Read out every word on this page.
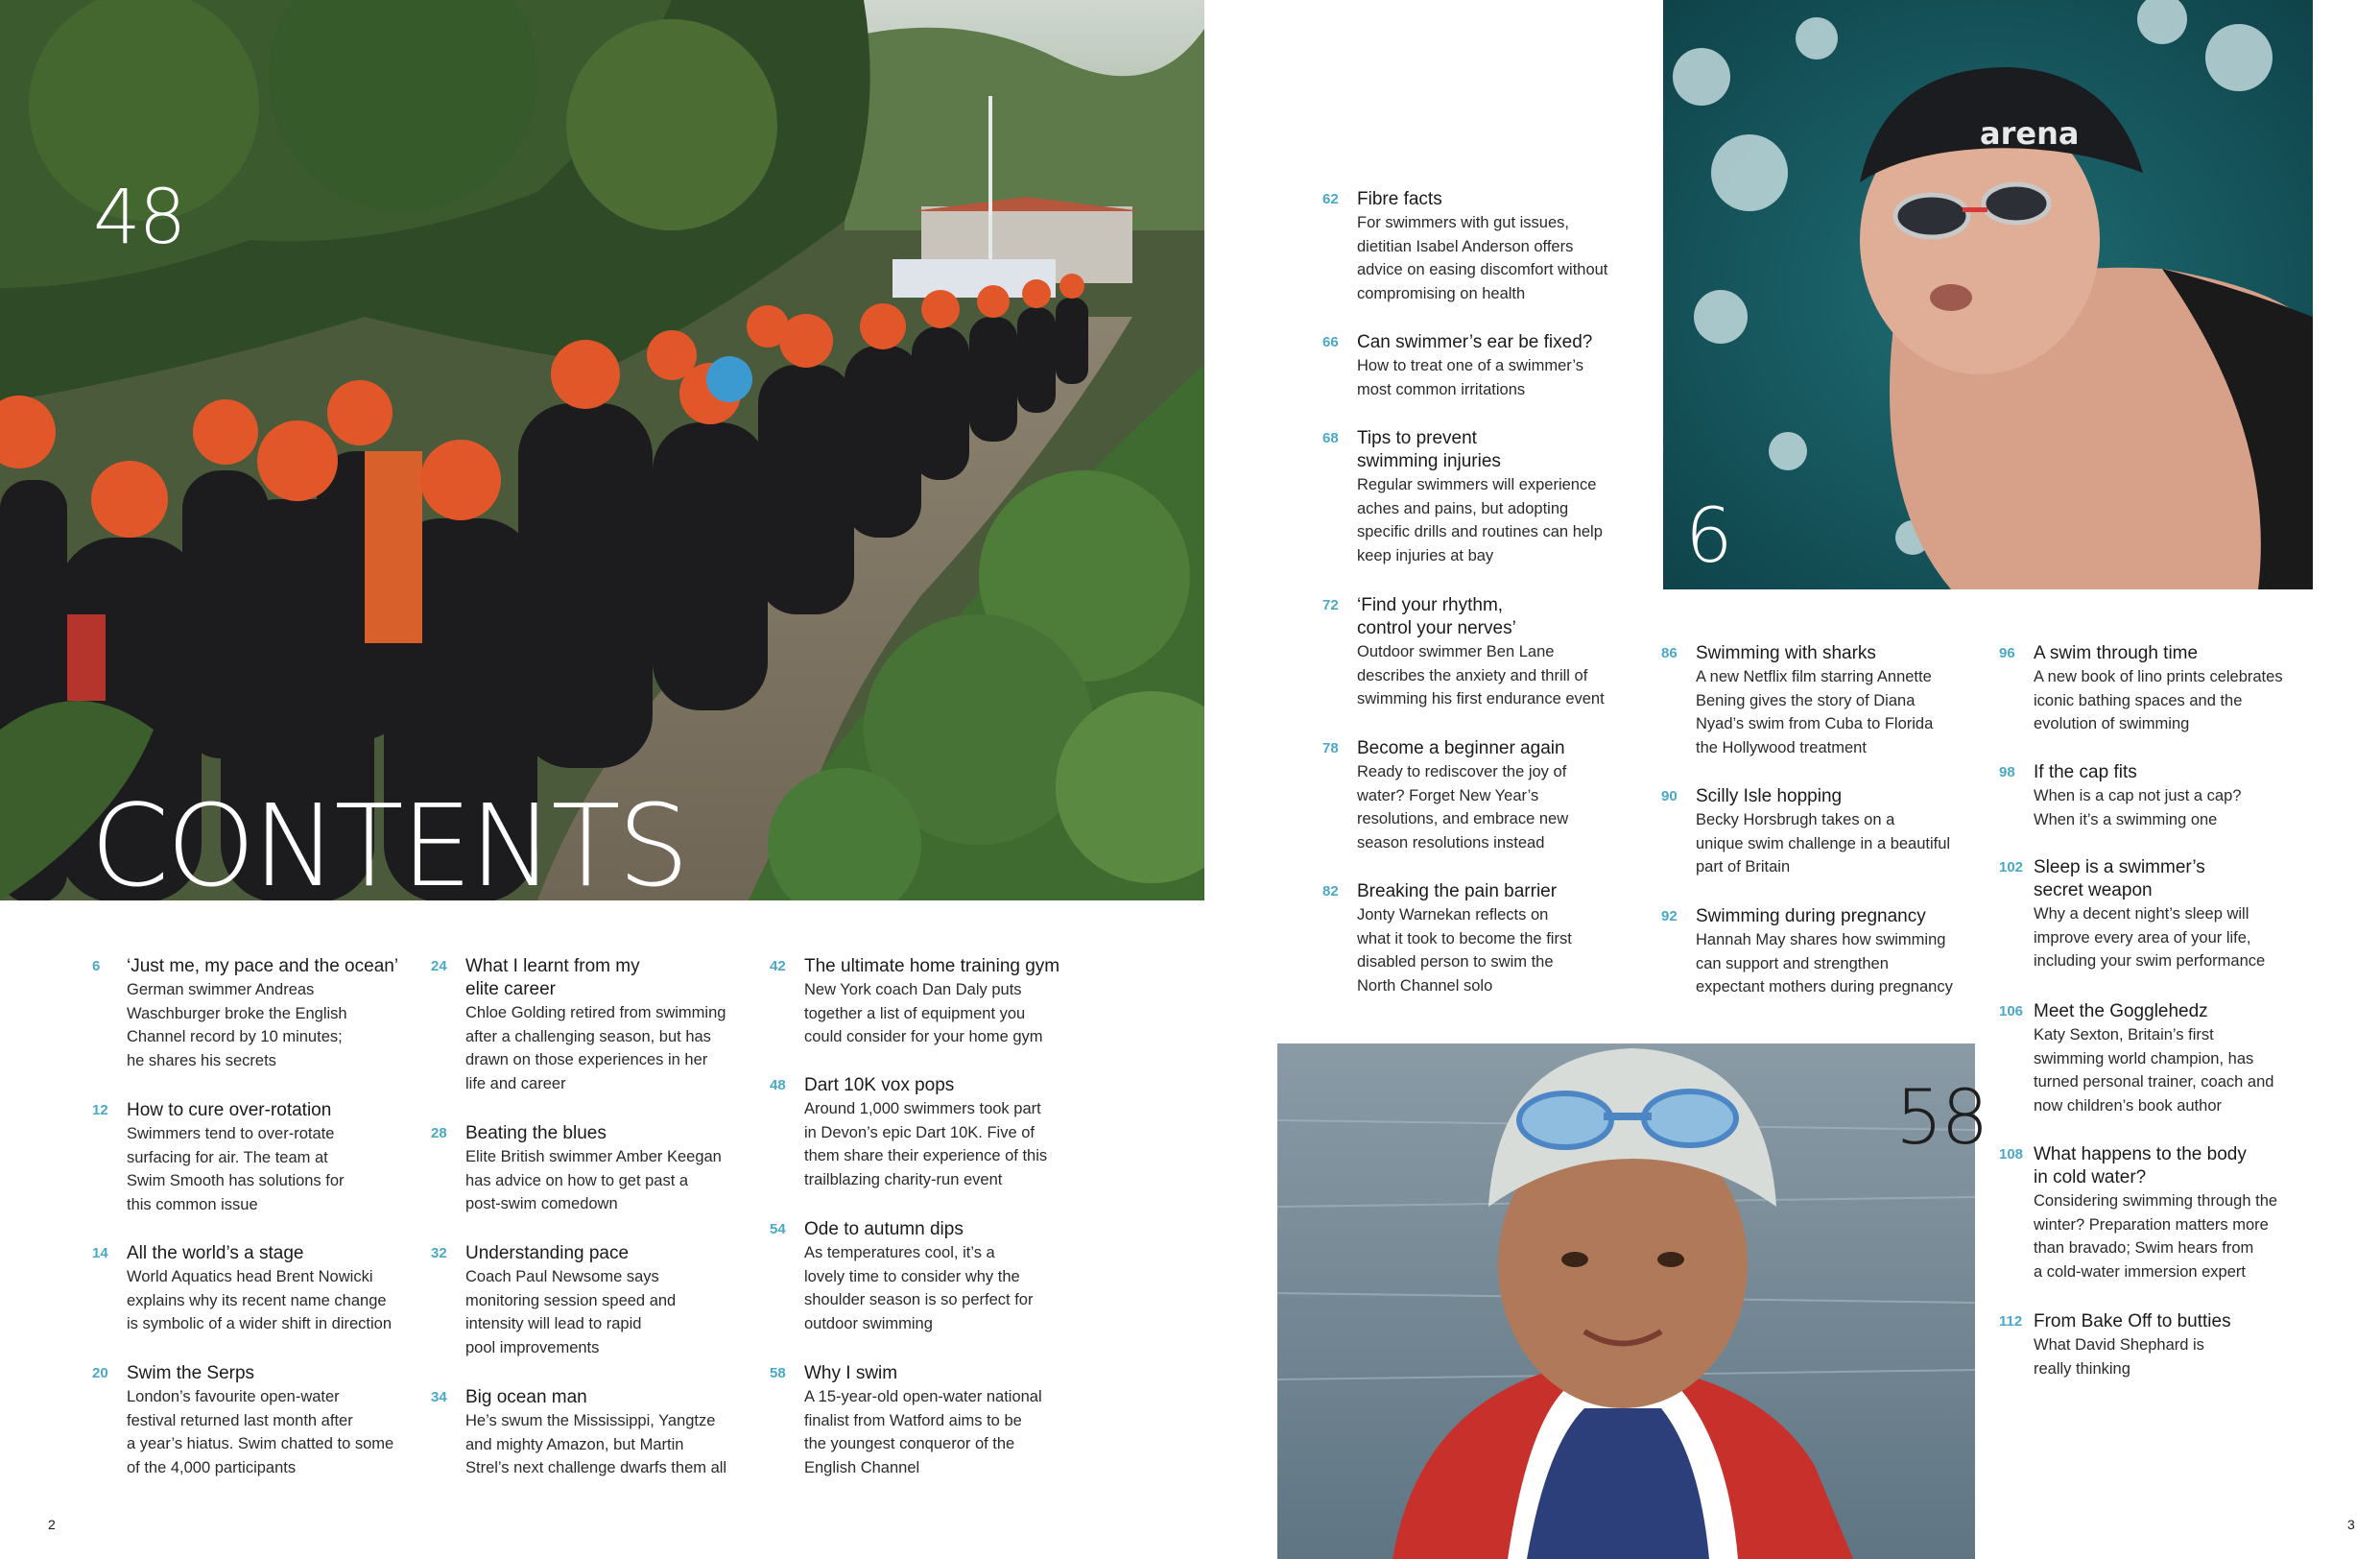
48
CONTENTS
arena
6
58
6	‘Just me, my pace and the ocean’
German swimmer Andreas
Waschburger broke the English
Channel record by 10 minutes;
he shares his secrets
12	How to cure over-rotation
Swimmers tend to over-rotate
surfacing for air. The team at
Swim Smooth has solutions for
this common issue
14	All the world’s a stage
World Aquatics head Brent Nowicki
explains why its recent name change
is symbolic of a wider shift in direction
20	Swim the Serps
London’s favourite open-water
festival returned last month after
a year’s hiatus. Swim chatted to some
of the 4,000 participants
24	What I learnt from my
elite career
Chloe Golding retired from swimming
after a challenging season, but has
drawn on those experiences in her
life and career
28	Beating the blues
Elite British swimmer Amber Keegan
has advice on how to get past a
post-swim comedown
32	Understanding pace
Coach Paul Newsome says
monitoring session speed and
intensity will lead to rapid
pool improvements
34	Big ocean man
He’s swum the Mississippi, Yangtze
and mighty Amazon, but Martin
Strel’s next challenge dwarfs them all
42	The ultimate home training gym
New York coach Dan Daly puts
together a list of equipment you
could consider for your home gym
48	Dart 10K vox pops
Around 1,000 swimmers took part
in Devon’s epic Dart 10K. Five of
them share their experience of this
trailblazing charity-run event
54	Ode to autumn dips
As temperatures cool, it’s a
lovely time to consider why the
shoulder season is so perfect for
outdoor swimming
58	Why I swim
A 15-year-old open-water national
finalist from Watford aims to be
the youngest conqueror of the
English Channel
62	Fibre facts
For swimmers with gut issues,
dietitian Isabel Anderson offers
advice on easing discomfort without
compromising on health
66	Can swimmer’s ear be fixed?
How to treat one of a swimmer’s
most common irritations
68	Tips to prevent
swimming injuries
Regular swimmers will experience
aches and pains, but adopting
specific drills and routines can help
keep injuries at bay
72	‘Find your rhythm,
control your nerves’
Outdoor swimmer Ben Lane
describes the anxiety and thrill of
swimming his first endurance event
78	Become a beginner again
Ready to rediscover the joy of
water? Forget New Year’s
resolutions, and embrace new
season resolutions instead
82	Breaking the pain barrier
Jonty Warnekan reflects on
what it took to become the first
disabled person to swim the
North Channel solo
86	Swimming with sharks
A new Netflix film starring Annette
Bening gives the story of Diana
Nyad’s swim from Cuba to Florida
the Hollywood treatment
90	Scilly Isle hopping
Becky Horsbrugh takes on a
unique swim challenge in a beautiful
part of Britain
92	Swimming during pregnancy
Hannah May shares how swimming
can support and strengthen
expectant mothers during pregnancy
96	A swim through time
A new book of lino prints celebrates
iconic bathing spaces and the
evolution of swimming
98	If the cap fits
When is a cap not just a cap?
When it’s a swimming one
102 Sleep is a swimmer’s
secret weapon
Why a decent night’s sleep will
improve every area of your life,
including your swim performance
106 Meet the Gogglehedz
Katy Sexton, Britain’s first
swimming world champion, has
turned personal trainer, coach and
now children’s book author
108 What happens to the body
in cold water?
Considering swimming through the
winter? Preparation matters more
than bravado; Swim hears from
a cold-water immersion expert
112 From Bake Off to butties
What David Shephard is
really thinking
2	3
